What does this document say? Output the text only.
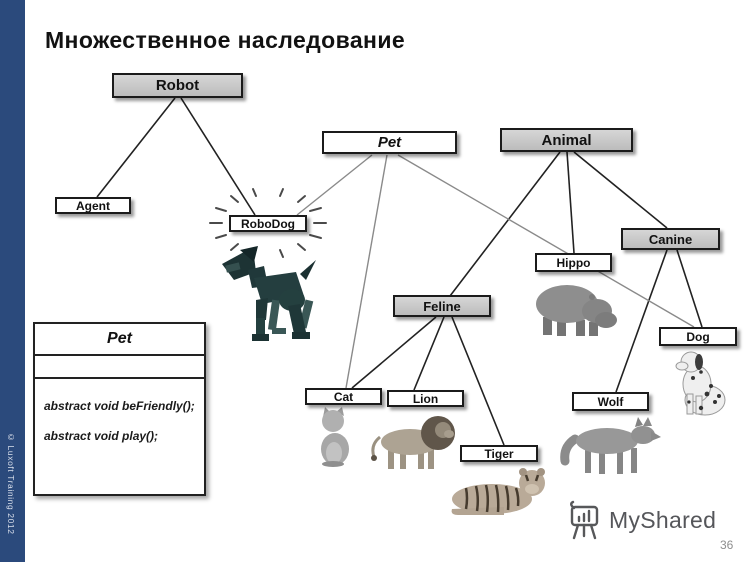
© Luxoft Training 2012
Множественное наследование
Robot
Pet	Animal
Agent
RoboDog
Canine
Hippo
Feline
Dog
Cat	Lion	Wolf
Tiger
Pet
abstract void beFriendly();
abstract void play();
MyShared
36
